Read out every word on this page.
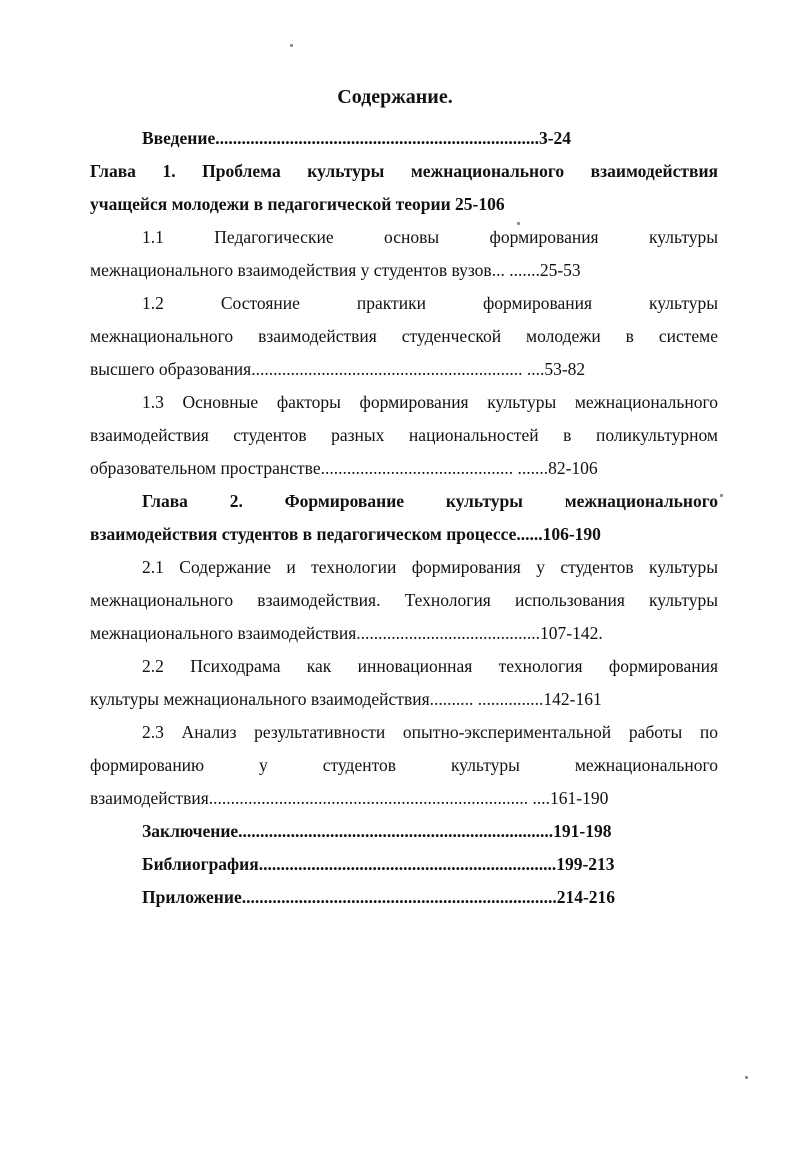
Содержание.
Введение..........................................................................3-24
Глава 1. Проблема культуры межнационального взаимодействия
учащейся молодежи в педагогической теории 25-106
1.1 Педагогические основы формирования культуры
межнационального взаимодействия у студентов вузов... .......25-53
1.2 Состояние практики формирования культуры
межнационального взаимодействия студенческой молодежи в системе
высшего образования.............................................................. ....53-82
1.3 Основные факторы формирования культуры межнационального
взаимодействия студентов разных национальностей в поликультурном
образовательном пространстве............................................ .......82-106
Глава 2. Формирование культуры межнационального
взаимодействия студентов в педагогическом процессе......106-190
2.1 Содержание и технологии формирования у студентов культуры
межнационального взаимодействия. Технология использования культуры
межнационального взаимодействия..........................................107-142.
2.2 Психодрама как инновационная технология формирования
культуры межнационального взаимодействия.......... ...............142-161
2.3 Анализ результативности опытно-экспериментальной работы по
формированию у студентов культуры межнационального
взаимодействия......................................................................... ....161-190
Заключение........................................................................191-198
Библиография....................................................................199-213
Приложение........................................................................214-216
